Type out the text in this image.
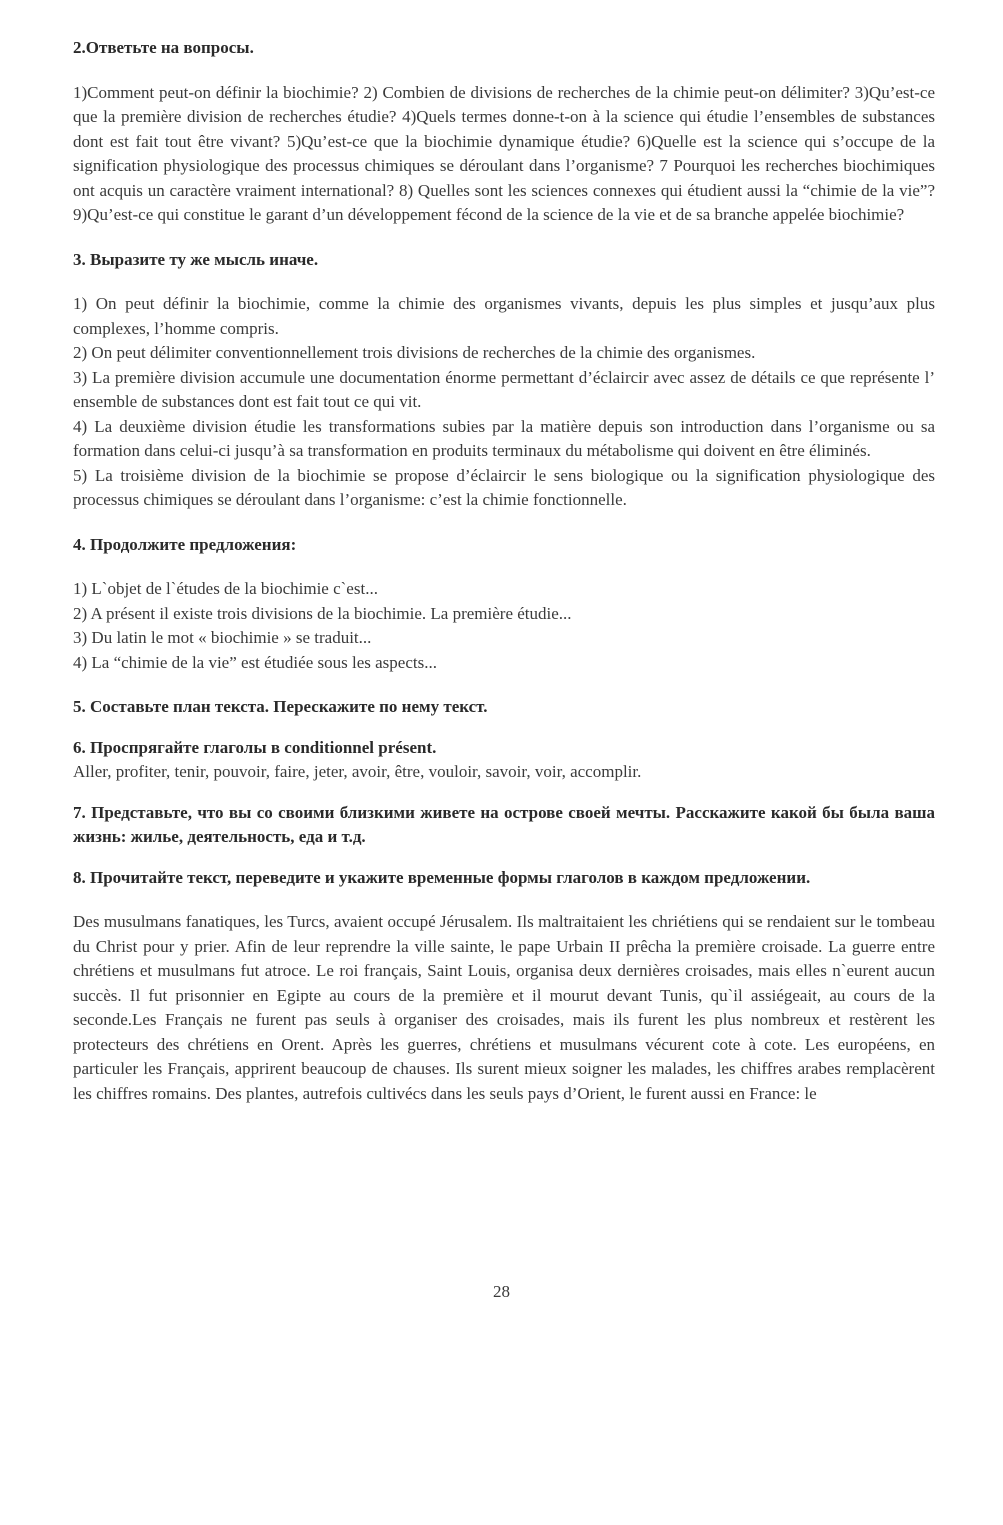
2.Ответьте на вопросы.

1)Comment peut-on définir la biochimie? 2) Combien de divisions de recherches de la chimie peut-on délimiter? 3)Qu’est-ce que la première division de recherches étudie? 4)Quels termes donne-t-on à la science qui étudie l’ensembles de substances dont est fait tout être vivant? 5)Qu’est-ce que la biochimie dynamique étudie? 6)Quelle est la science qui s’occupe de la signification physiologique des processus chimiques se déroulant dans l’organisme? 7 Pourquoi les recherches biochimiques ont acquis un caractère vraiment international? 8) Quelles sont les sciences connexes qui étudient aussi la “chimie de la vie”? 9)Qu’est-ce qui constitue le garant d’un développement fécond de la science de la vie et de sa branche appelée biochimie?

3. Выразите ту же мысль иначе.

1) On peut définir la biochimie, comme la chimie des organismes vivants, depuis les plus simples et jusqu’aux plus complexes, l’homme compris.

2) On peut délimiter conventionnellement trois divisions de recherches de la chimie des organismes.

3) La première division accumule une documentation énorme permettant d’éclaircir avec assez de détails ce que représente l’ ensemble de substances dont est fait tout ce qui vit.

4) La deuxième division étudie les transformations subies par la matière depuis son introduction dans l’organisme ou sa formation dans celui-ci jusqu’à sa transformation en produits terminaux du métabolisme qui doivent en être éliminés.

5) La troisième division de la biochimie se propose d’éclaircir le sens biologique ou la signification physiologique des processus chimiques se déroulant dans l’organisme: c’est la chimie fonctionnelle.

4. Продолжите предложения:

1) L`objet de l`études de la biochimie c`est...

2) A présent il existe trois divisions de la biochimie. La première étudie...

3) Du latin le mot « biochimie » se traduit...

4) La “chimie de la vie” est étudiée sous les aspects...

5. Составьте план текста. Перескажите по нему текст.

6. Проспрягайте глаголы в conditionnel présent.

Aller, profiter, tenir, pouvoir, faire, jeter, avoir, être, vouloir, savoir, voir, accomplir.

7. Представьте, что вы со своими близкими живете на острове своей мечты. Расскажите какой бы была ваша жизнь: жилье, деятельность, еда и т.д.

8. Прочитайте текст, переведите и укажите временные формы глаголов в каждом предложении.

Des musulmans fanatiques, les Turcs, avaient occupé Jérusalem. Ils maltraitaient les chriétiens qui se rendaient sur le tombeau du Christ pour y prier. Afin de leur reprendre la ville sainte, le pape Urbain II prêcha la première croisade. La guerre entre chrétiens et musulmans fut atroce. Le roi français, Saint Louis, organisa deux dernières croisades, mais elles n`eurent aucun succès. Il fut prisonnier en Egipte au cours de la première et il mourut devant Tunis, qu`il assiégeait, au cours de la seconde.Les Français ne furent pas seuls à organiser des croisades, mais ils furent les plus nombreux et restèrent les protecteurs des chrétiens en Orent. Après les guerres, chrétiens et musulmans vécurent cote à cote. Les européens, en particuler les Français, apprirent beaucoup de chauses. Ils surent mieux soigner les malades, les chiffres arabes remplacèrent les chiffres romains. Des plantes, autrefois cultivécs dans les seuls pays d’Orient, le furent aussi en France: le

28
